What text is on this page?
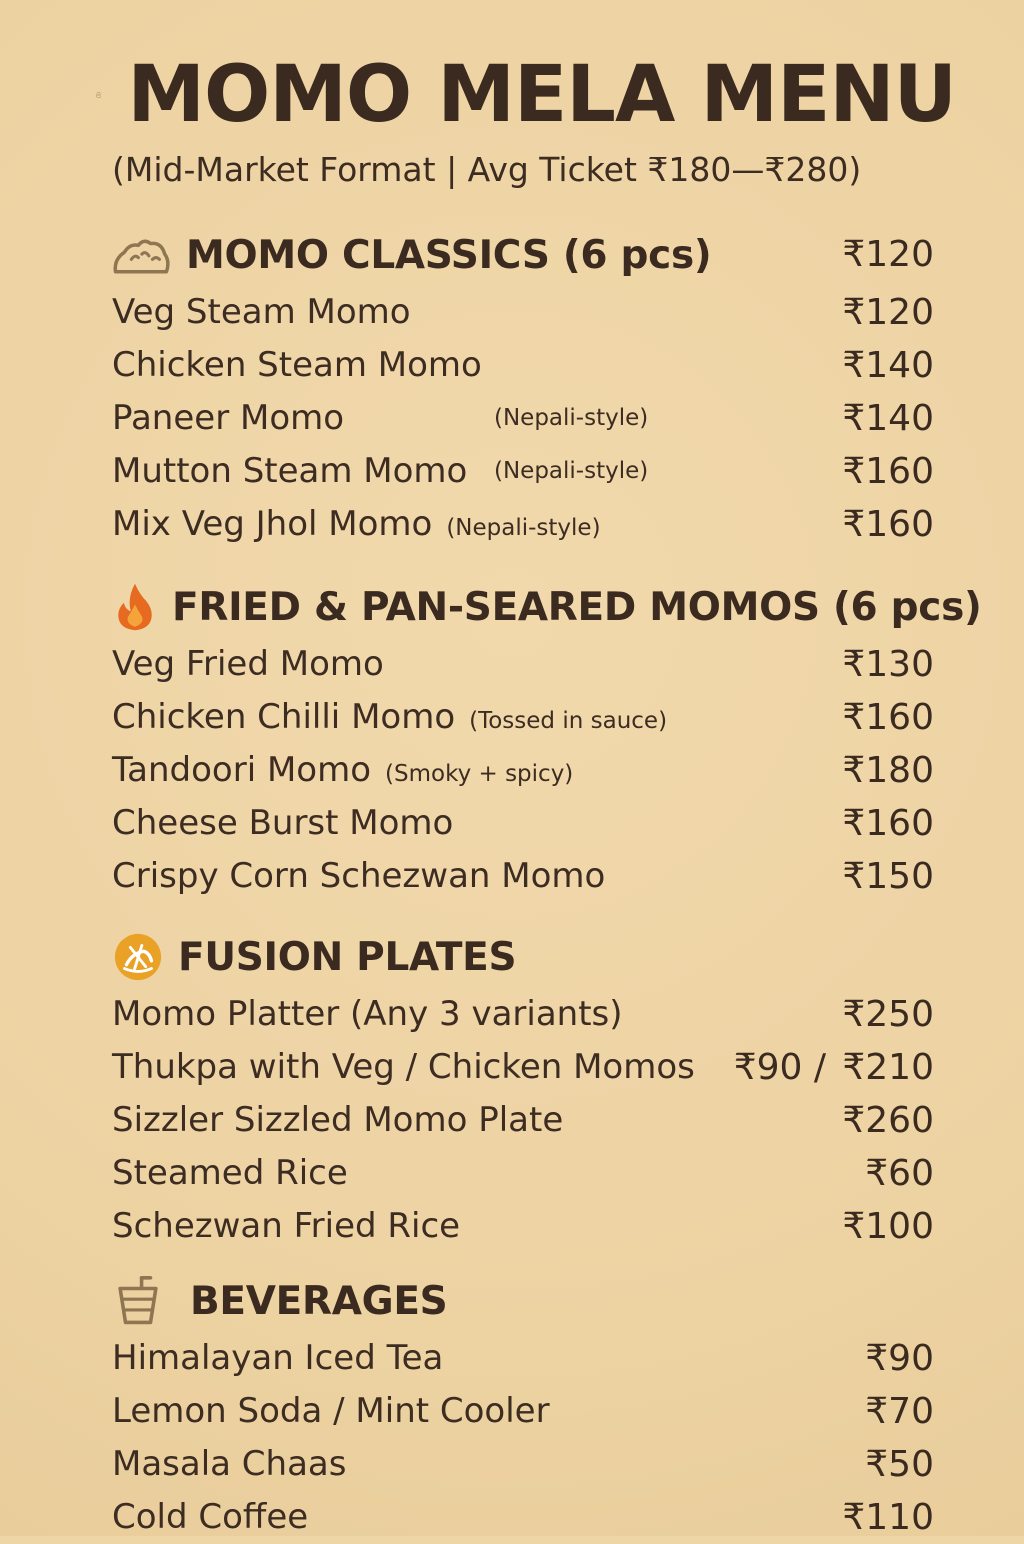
MOMO MELA MENU
(Mid-Market Format | Avg Ticket ₹180—₹280)
MOMO CLASSICS (6 pcs)	₹120
Veg Steam Momo	₹120
Chicken Steam Momo	₹140
Paneer Momo	(Nepali-style)	₹140
Mutton Steam Momo (Nepali-style)	₹160
Mix Veg Jhol Momo (Nepali-style)	₹160
FRIED & PAN-SEARED MOMOS (6 pcs)
Veg Fried Momo	₹130
Chicken Chilli Momo (Tossed in sauce)	₹160
Tandoori Momo (Smoky + spicy)	₹180
Cheese Burst Momo	₹160
Crispy Corn Schezwan Momo	₹150
FUSION PLATES
Momo Platter (Any 3 variants)	₹250
Thukpa with Veg / Chicken Momos ₹90 / ₹210
Sizzler Sizzled Momo Plate	₹260
Steamed Rice	₹60
Schezwan Fried Rice	₹100
BEVERAGES
Himalayan Iced Tea	₹90
Lemon Soda / Mint Cooler	₹70
Masala Chaas	₹50
Cold Coffee	₹110
